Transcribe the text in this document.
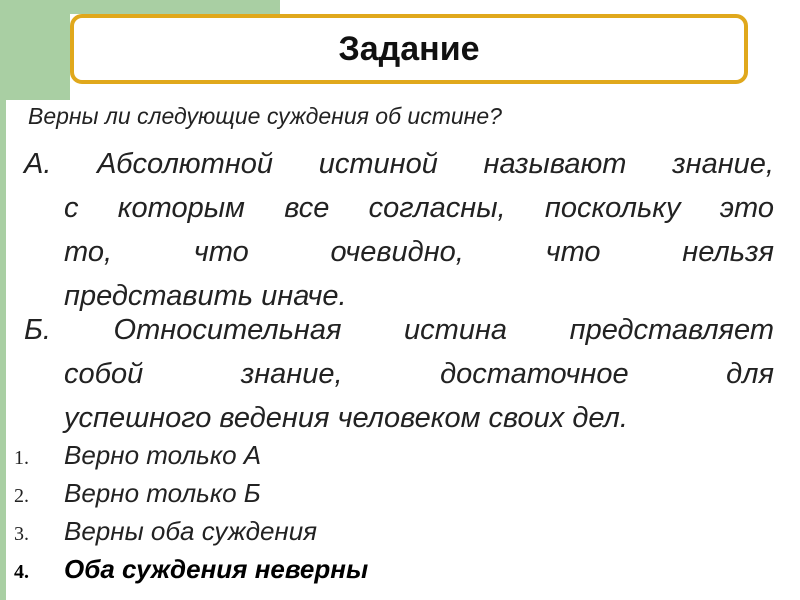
Задание
Верны ли следующие суждения об истине?
А. Абсолютной истиной называют знание,
с которым все согласны, поскольку это
то, что очевидно, что нельзя
представить иначе.
Б. Относительная истина представляет
собой знание, достаточное для
успешного ведения человеком своих дел.
1.	Верно только А
2.	Верно только Б
3.	Верны оба суждения
4.	Оба суждения неверны
